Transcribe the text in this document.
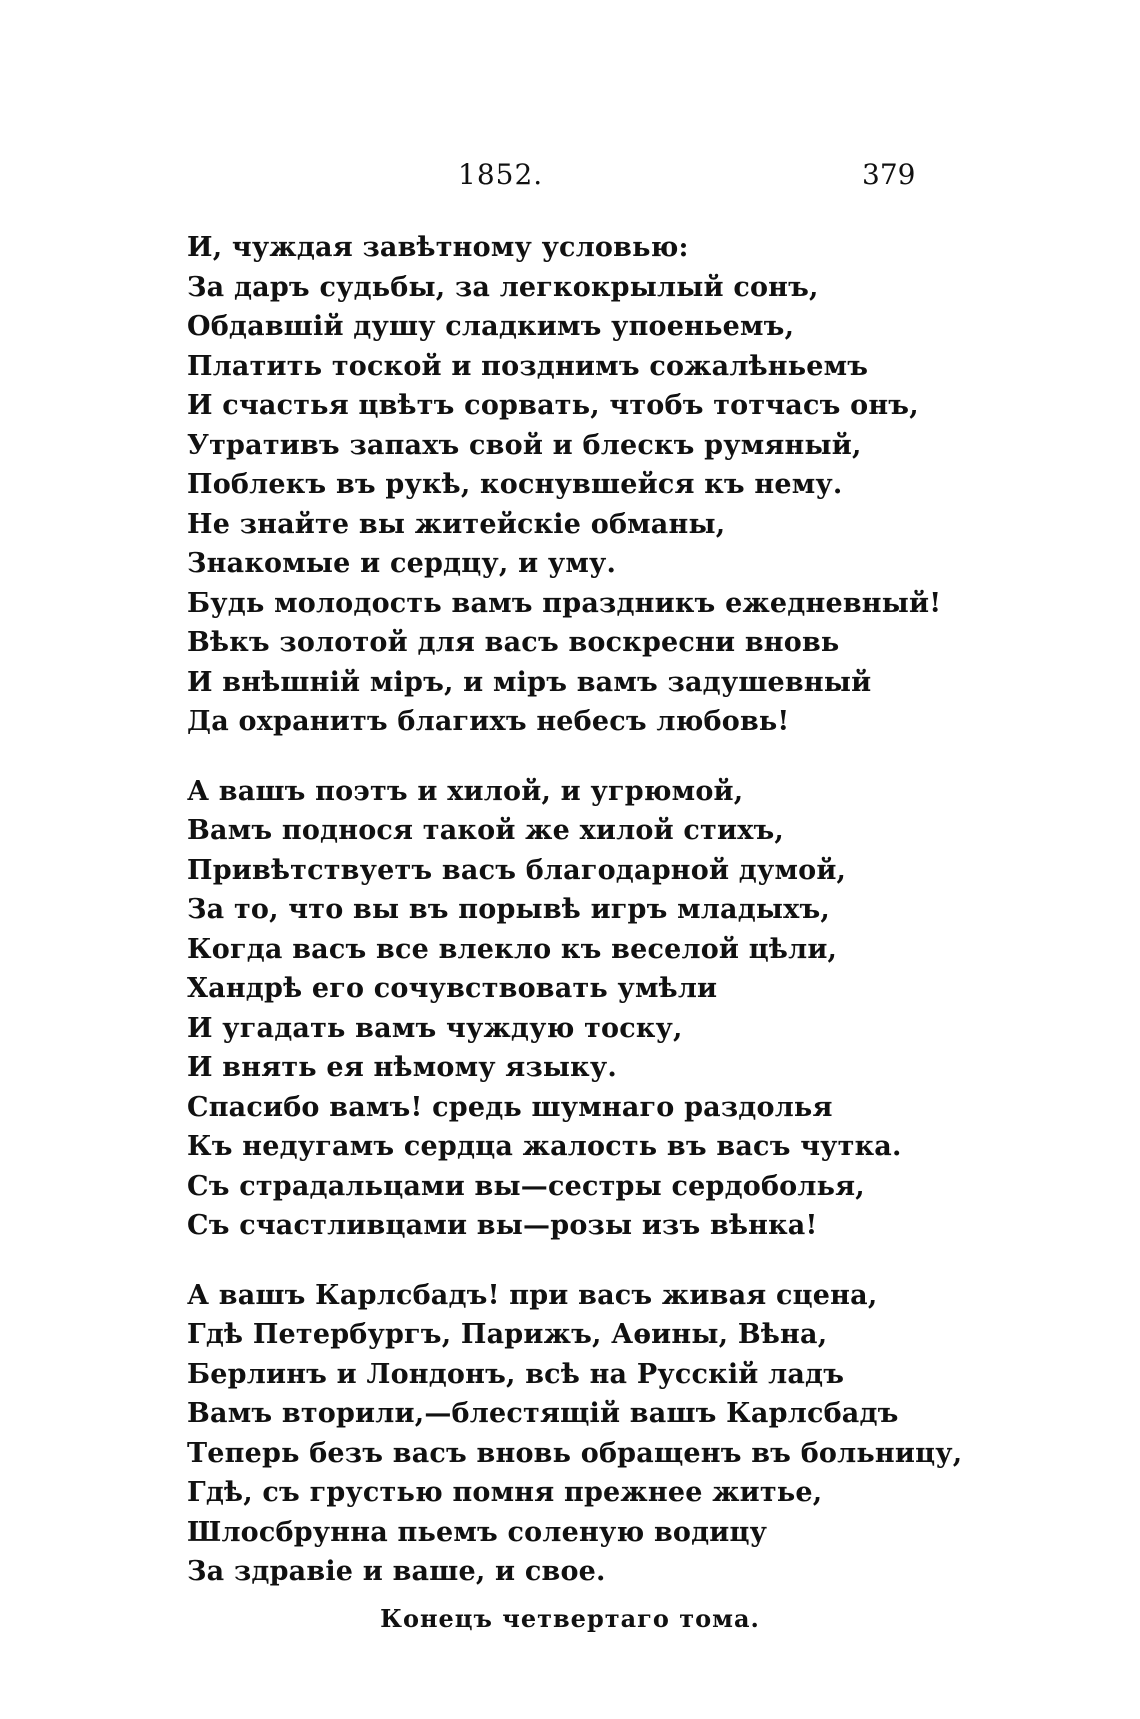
1852.	379
И, чуждая завѣтному условью:
За даръ судьбы, за легкокрылый сонъ,
Обдавшій душу сладкимъ упоеньемъ,
Платить тоской и позднимъ сожалѣньемъ
И счастья цвѣтъ сорвать, чтобъ тотчасъ онъ,
Утративъ запахъ свой и блескъ румяный,
Поблекъ въ рукѣ, коснувшейся къ нему.
Не знайте вы житейскіе обманы,
Знакомые и сердцу, и уму.
Будь молодость вамъ праздникъ ежедневный!
Вѣкъ золотой для васъ воскресни вновь
И внѣшній міръ, и міръ вамъ задушевный
Да охранитъ благихъ небесъ любовь!
А вашъ поэтъ и хилой, и угрюмой,
Вамъ поднося такой же хилой стихъ,
Привѣтствуетъ васъ благодарной думой,
За то, что вы въ порывѣ игръ младыхъ,
Когда васъ все влекло къ веселой цѣли,
Хандрѣ его сочувствовать умѣли
И угадать вамъ чуждую тоску,
И внять ея нѣмому языку.
Спасибо вамъ! средь шумнаго раздолья
Къ недугамъ сердца жалость въ васъ чутка.
Съ страдальцами вы—сестры сердоболья,
Съ счастливцами вы—розы изъ вѣнка!
А вашъ Карлсбадъ! при васъ живая сцена,
Гдѣ Петербургъ, Парижъ, Аѳины, Вѣна,
Берлинъ и Лондонъ, всѣ на Русскій ладъ
Вамъ вторили,—блестящій вашъ Карлсбадъ
Теперь безъ васъ вновь обращенъ въ больницу,
Гдѣ, съ грустью помня прежнее житье,
Шлосбрунна пьемъ соленую водицу
За здравіе и ваше, и свое.
Конецъ четвертаго тома.
